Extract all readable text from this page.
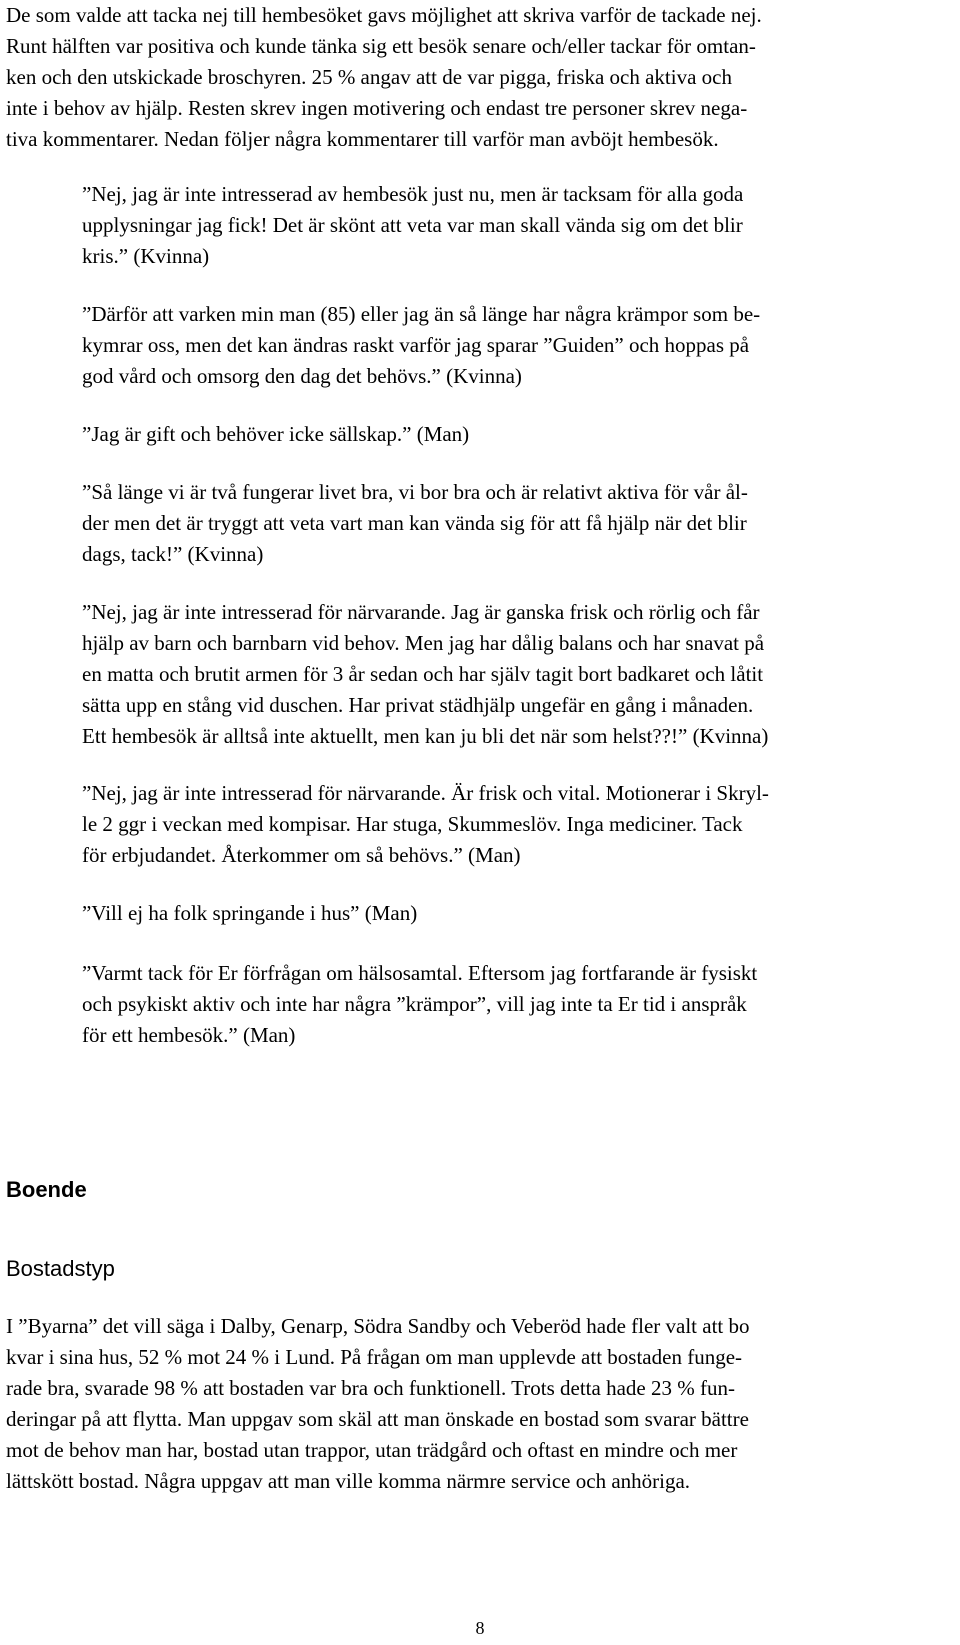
De som valde att tacka nej till hembesöket gavs möjlighet att skriva varför de tackade nej.
Runt hälften var positiva och kunde tänka sig ett besök senare och/eller tackar för omtan-
ken och den utskickade broschyren. 25 % angav att de var pigga, friska och aktiva och
inte i behov av hjälp. Resten skrev ingen motivering och endast tre personer skrev nega-
tiva kommentarer. Nedan följer några kommentarer till varför man avböjt hembesök.

”Nej, jag är inte intresserad av hembesök just nu, men är tacksam för alla goda
upplysningar jag fick! Det är skönt att veta var man skall vända sig om det blir
kris.” (Kvinna)

”Därför att varken min man (85) eller jag än så länge har några krämpor som be-
kymrar oss, men det kan ändras raskt varför jag sparar ”Guiden” och hoppas på
god vård och omsorg den dag det behövs.” (Kvinna)

”Jag är gift och behöver icke sällskap.” (Man)

”Så länge vi är två fungerar livet bra, vi bor bra och är relativt aktiva för vår ål-
der men det är tryggt att veta vart man kan vända sig för att få hjälp när det blir
dags, tack!” (Kvinna)

”Nej, jag är inte intresserad för närvarande. Jag är ganska frisk och rörlig och får
hjälp av barn och barnbarn vid behov. Men jag har dålig balans och har snavat på
en matta och brutit armen för 3 år sedan och har själv tagit bort badkaret och låtit
sätta upp en stång vid duschen. Har privat städhjälp ungefär en gång i månaden.
Ett hembesök är alltså inte aktuellt, men kan ju bli det när som helst??!” (Kvinna)

”Nej, jag är inte intresserad för närvarande. Är frisk och vital. Motionerar i Skryl-
le 2 ggr i veckan med kompisar. Har stuga, Skummeslöv. Inga mediciner. Tack
för erbjudandet. Återkommer om så behövs.” (Man)

”Vill ej ha folk springande i hus” (Man)

”Varmt tack för Er förfrågan om hälsosamtal. Eftersom jag fortfarande är fysiskt
och psykiskt aktiv och inte har några ”krämpor”, vill jag inte ta Er tid i anspråk
för ett hembesök.” (Man)

Boende
Bostadstyp

I ”Byarna” det vill säga i Dalby, Genarp, Södra Sandby och Veberöd hade fler valt att bo
kvar i sina hus, 52 % mot 24 % i Lund. På frågan om man upplevde att bostaden funge-
rade bra, svarade 98 % att bostaden var bra och funktionell. Trots detta hade 23 % fun-
deringar på att flytta. Man uppgav som skäl att man önskade en bostad som svarar bättre
mot de behov man har, bostad utan trappor, utan trädgård och oftast en mindre och mer
lättskött bostad. Några uppgav att man ville komma närmre service och anhöriga.

8
